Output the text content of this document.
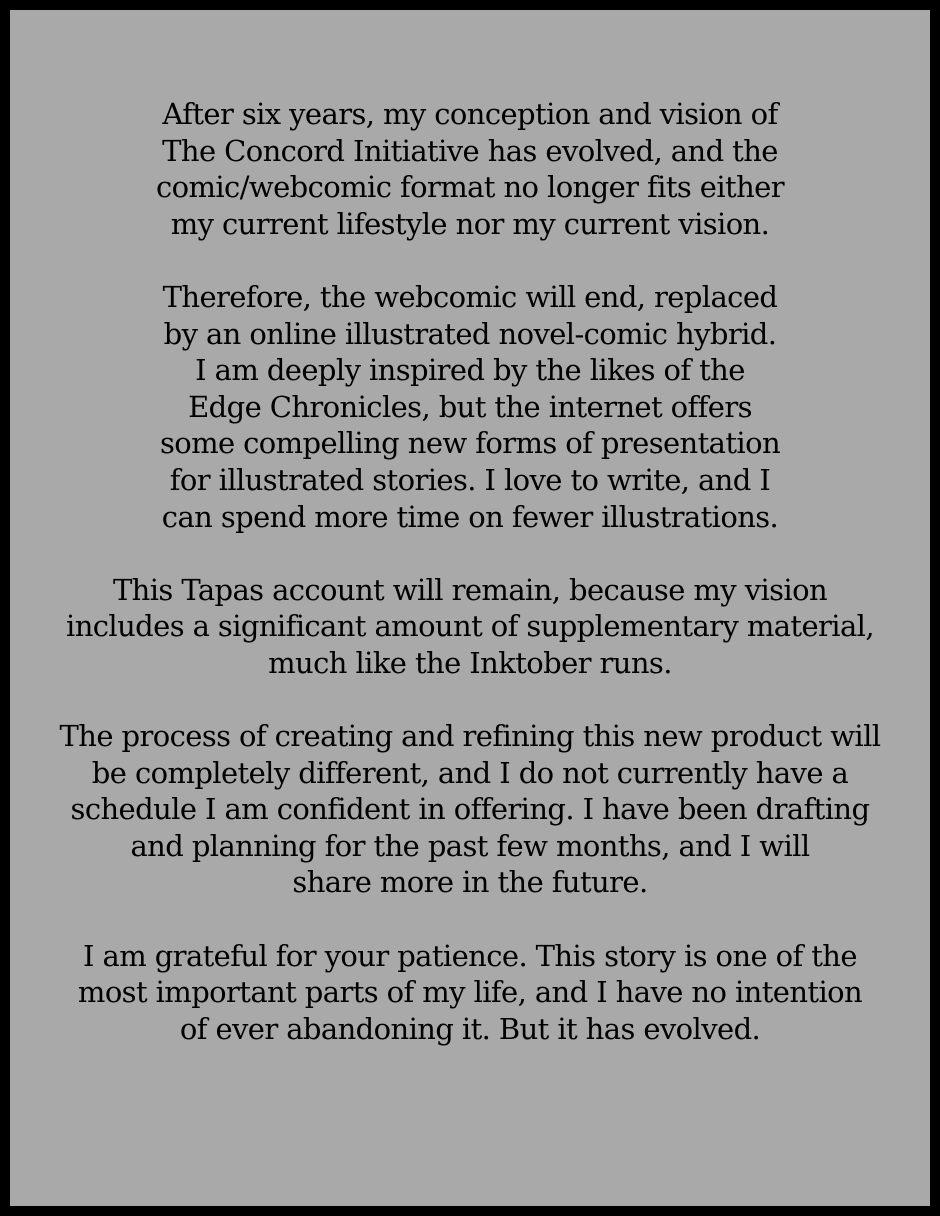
After six years, my conception and vision of
The Concord Initiative has evolved, and the
comic/webcomic format no longer fits either
my current lifestyle nor my current vision.

Therefore, the webcomic will end, replaced
by an online illustrated novel-comic hybrid.
I am deeply inspired by the likes of the
Edge Chronicles, but the internet offers
some compelling new forms of presentation
for illustrated stories. I love to write, and I
can spend more time on fewer illustrations.

This Tapas account will remain, because my vision
includes a significant amount of supplementary material,
much like the Inktober runs.

The process of creating and refining this new product will
be completely different, and I do not currently have a
schedule I am confident in offering. I have been drafting
and planning for the past few months, and I will
share more in the future.

I am grateful for your patience. This story is one of the
most important parts of my life, and I have no intention
of ever abandoning it. But it has evolved.
